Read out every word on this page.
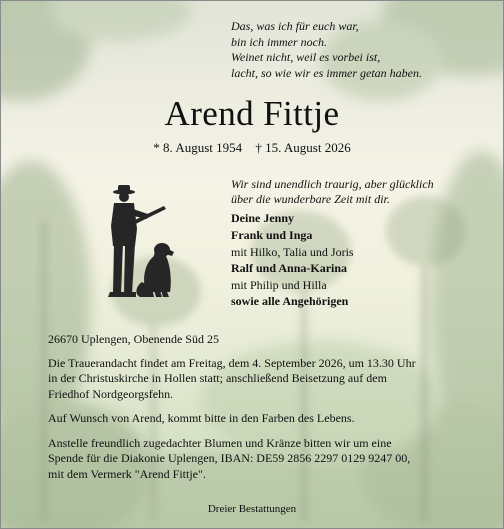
Das, was ich für euch war,
bin ich immer noch.
Weinet nicht, weil es vorbei ist,
lacht, so wie wir es immer getan haben.
Arend Fittje
* 8. August 1954 † 15. August 2026
Wir sind unendlich traurig, aber glücklich
über die wunderbare Zeit mit dir.
Deine Jenny
Frank und Inga
mit Hilko, Talia und Joris
Ralf und Anna-Karina
mit Philip und Hilla
sowie alle Angehörigen

26670 Uplengen, Obenende Süd 25

Die Trauerandacht findet am Freitag, dem 4. September 2026, um 13.30 Uhr
in der Christuskirche in Hollen statt; anschließend Beisetzung auf dem
Friedhof Nordgeorgsfehn.

Auf Wunsch von Arend, kommt bitte in den Farben des Lebens.

Anstelle freundlich zugedachter Blumen und Kränze bitten wir um eine
Spende für die Diakonie Uplengen, IBAN: DE59 2856 2297 0129 9247 00,
mit dem Vermerk "Arend Fittje".

Dreier Bestattungen
